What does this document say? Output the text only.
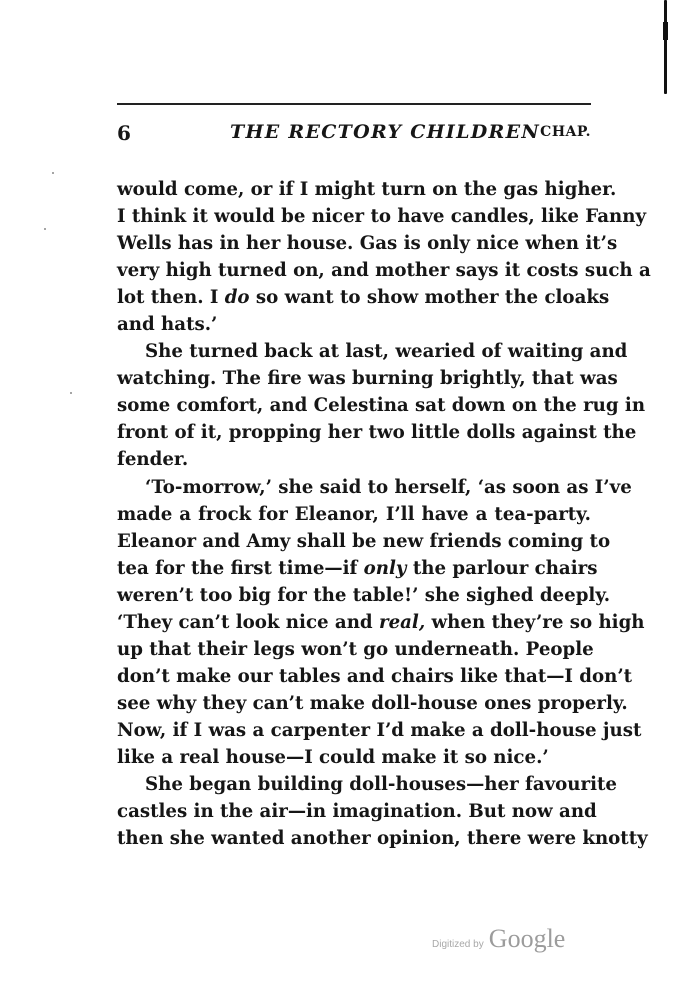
6	THE RECTORY CHILDREN CHAP.
would come, or if I might turn on the gas higher.
I think it would be nicer to have candles, like Fanny
Wells has in her house. Gas is only nice when it’s
very high turned on, and mother says it costs such a
lot then. I do so want to show mother the cloaks
and hats.’
She turned back at last, wearied of waiting and
watching. The fire was burning brightly, that was
some comfort, and Celestina sat down on the rug in
front of it, propping her two little dolls against the
fender.
‘To-morrow,’ she said to herself, ‘as soon as I’ve
made a frock for Eleanor, I’ll have a tea-party.
Eleanor and Amy shall be new friends coming to
tea for the first time—if only the parlour chairs
weren’t too big for the table!’ she sighed deeply.
‘They can’t look nice and real, when they’re so high
up that their legs won’t go underneath. People
don’t make our tables and chairs like that—I don’t
see why they can’t make doll-house ones properly.
Now, if I was a carpenter I’d make a doll-house just
like a real house—I could make it so nice.’
She began building doll-houses—her favourite
castles in the air—in imagination. But now and
then she wanted another opinion, there were knotty
Digitized by Google
